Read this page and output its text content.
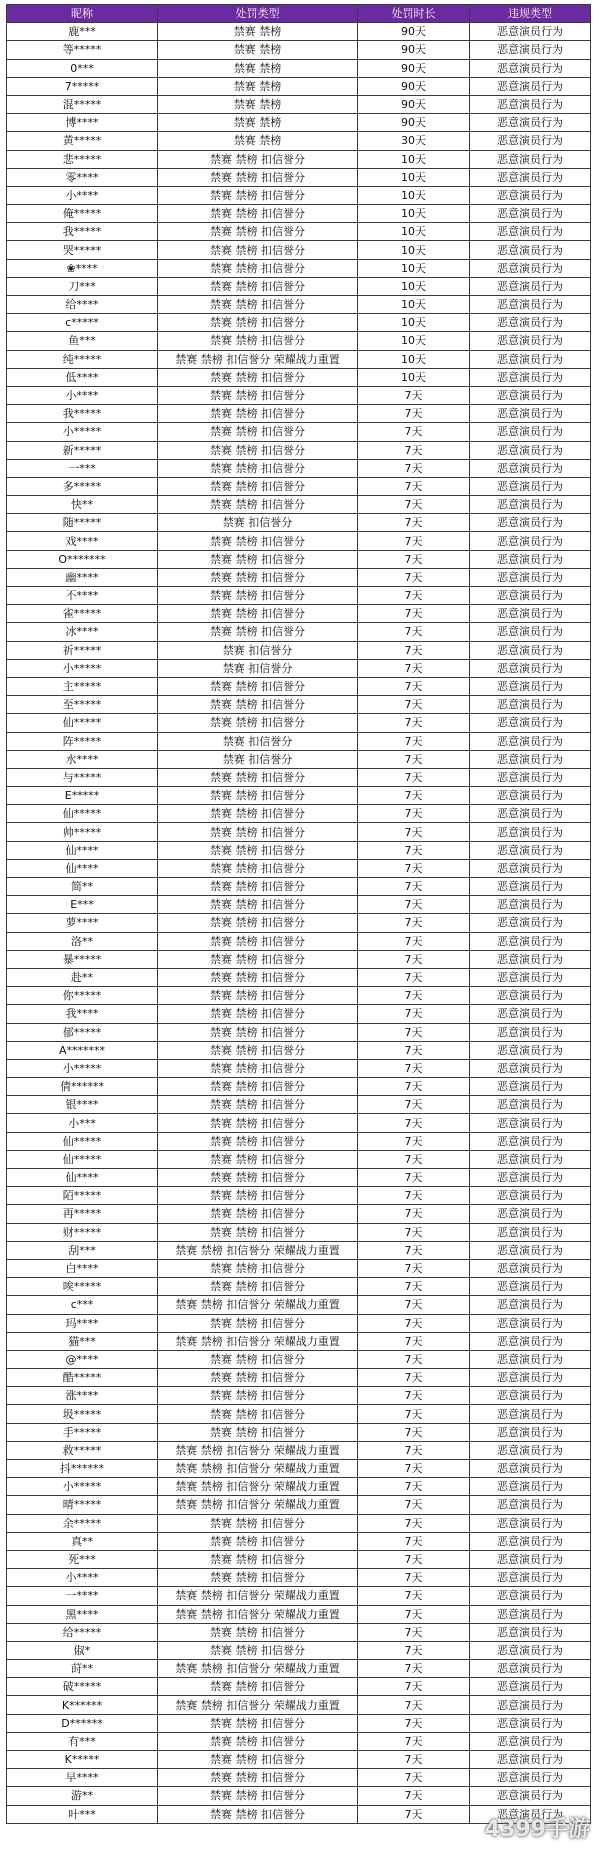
昵称	处罚类型	处罚时长	违规类型
鹿***	禁赛 禁榜	90天	恶意演员行为
等*****	禁赛 禁榜	90天	恶意演员行为
0***	禁赛 禁榜	90天	恶意演员行为
7*****	禁赛 禁榜	90天	恶意演员行为
混*****	禁赛 禁榜	90天	恶意演员行为
博****	禁赛 禁榜	90天	恶意演员行为
黄*****	禁赛 禁榜	30天	恶意演员行为
悲*****	禁赛 禁榜 扣信誉分	10天	恶意演员行为
零****	禁赛 禁榜 扣信誉分	10天	恶意演员行为
小****	禁赛 禁榜 扣信誉分	10天	恶意演员行为
俺*****	禁赛 禁榜 扣信誉分	10天	恶意演员行为
我*****	禁赛 禁榜 扣信誉分	10天	恶意演员行为
哭*****	禁赛 禁榜 扣信誉分	10天	恶意演员行为
❀****	禁赛 禁榜 扣信誉分	10天	恶意演员行为
刀***	禁赛 禁榜 扣信誉分	10天	恶意演员行为
给****	禁赛 禁榜 扣信誉分	10天	恶意演员行为
c*****	禁赛 禁榜 扣信誉分	10天	恶意演员行为
鱼***	禁赛 禁榜 扣信誉分	10天	恶意演员行为
纯*****	禁赛 禁榜 扣信誉分 荣耀战力重置	10天	恶意演员行为
低****	禁赛 禁榜 扣信誉分	10天	恶意演员行为
小****	禁赛 禁榜 扣信誉分	7天	恶意演员行为
我*****	禁赛 禁榜 扣信誉分	7天	恶意演员行为
小*****	禁赛 禁榜 扣信誉分	7天	恶意演员行为
新*****	禁赛 禁榜 扣信誉分	7天	恶意演员行为
一***	禁赛 禁榜 扣信誉分	7天	恶意演员行为
多*****	禁赛 禁榜 扣信誉分	7天	恶意演员行为
快**	禁赛 禁榜 扣信誉分	7天	恶意演员行为
随*****	禁赛 扣信誉分	7天	恶意演员行为
戏****	禁赛 禁榜 扣信誉分	7天	恶意演员行为
O*******	禁赛 禁榜 扣信誉分	7天	恶意演员行为
幽****	禁赛 禁榜 扣信誉分	7天	恶意演员行为
不****	禁赛 禁榜 扣信誉分	7天	恶意演员行为
雀*****	禁赛 禁榜 扣信誉分	7天	恶意演员行为
冰****	禁赛 禁榜 扣信誉分	7天	恶意演员行为
祈*****	禁赛 扣信誉分	7天	恶意演员行为
小*****	禁赛 扣信誉分	7天	恶意演员行为
主*****	禁赛 禁榜 扣信誉分	7天	恶意演员行为
至*****	禁赛 禁榜 扣信誉分	7天	恶意演员行为
仙*****	禁赛 禁榜 扣信誉分	7天	恶意演员行为
阵*****	禁赛 扣信誉分	7天	恶意演员行为
水****	禁赛 扣信誉分	7天	恶意演员行为
与*****	禁赛 禁榜 扣信誉分	7天	恶意演员行为
E*****	禁赛 禁榜 扣信誉分	7天	恶意演员行为
仙*****	禁赛 禁榜 扣信誉分	7天	恶意演员行为
帅*****	禁赛 禁榜 扣信誉分	7天	恶意演员行为
仙****	禁赛 禁榜 扣信誉分	7天	恶意演员行为
仙****	禁赛 禁榜 扣信誉分	7天	恶意演员行为
简**	禁赛 禁榜 扣信誉分	7天	恶意演员行为
E***	禁赛 禁榜 扣信誉分	7天	恶意演员行为
萝****	禁赛 禁榜 扣信誉分	7天	恶意演员行为
洛**	禁赛 禁榜 扣信誉分	7天	恶意演员行为
暴*****	禁赛 禁榜 扣信誉分	7天	恶意演员行为
赴**	禁赛 禁榜 扣信誉分	7天	恶意演员行为
你*****	禁赛 禁榜 扣信誉分	7天	恶意演员行为
我****	禁赛 禁榜 扣信誉分	7天	恶意演员行为
郁*****	禁赛 禁榜 扣信誉分	7天	恶意演员行为
A*******	禁赛 禁榜 扣信誉分	7天	恶意演员行为
小*****	禁赛 禁榜 扣信誉分	7天	恶意演员行为
倩******	禁赛 禁榜 扣信誉分	7天	恶意演员行为
银****	禁赛 禁榜 扣信誉分	7天	恶意演员行为
小***	禁赛 禁榜 扣信誉分	7天	恶意演员行为
仙*****	禁赛 禁榜 扣信誉分	7天	恶意演员行为
仙*****	禁赛 禁榜 扣信誉分	7天	恶意演员行为
仙****	禁赛 禁榜 扣信誉分	7天	恶意演员行为
陌*****	禁赛 禁榜 扣信誉分	7天	恶意演员行为
再*****	禁赛 禁榜 扣信誉分	7天	恶意演员行为
财*****	禁赛 禁榜 扣信誉分	7天	恶意演员行为
刮***	禁赛 禁榜 扣信誉分 荣耀战力重置	7天	恶意演员行为
白****	禁赛 禁榜 扣信誉分	7天	恶意演员行为
唉*****	禁赛 禁榜 扣信誉分	7天	恶意演员行为
c***	禁赛 禁榜 扣信誉分 荣耀战力重置	7天	恶意演员行为
玛****	禁赛 禁榜 扣信誉分	7天	恶意演员行为
猫***	禁赛 禁榜 扣信誉分 荣耀战力重置	7天	恶意演员行为
@****	禁赛 禁榜 扣信誉分	7天	恶意演员行为
酷*****	禁赛 禁榜 扣信誉分	7天	恶意演员行为
涨****	禁赛 禁榜 扣信誉分	7天	恶意演员行为
圾*****	禁赛 禁榜 扣信誉分	7天	恶意演员行为
手*****	禁赛 禁榜 扣信誉分	7天	恶意演员行为
救*****	禁赛 禁榜 扣信誉分 荣耀战力重置	7天	恶意演员行为
抖******	禁赛 禁榜 扣信誉分 荣耀战力重置	7天	恶意演员行为
小*****	禁赛 禁榜 扣信誉分 荣耀战力重置	7天	恶意演员行为
晴*****	禁赛 禁榜 扣信誉分 荣耀战力重置	7天	恶意演员行为
余*****	禁赛 禁榜 扣信誉分	7天	恶意演员行为
真**	禁赛 禁榜 扣信誉分	7天	恶意演员行为
死***	禁赛 禁榜 扣信誉分	7天	恶意演员行为
小****	禁赛 禁榜 扣信誉分	7天	恶意演员行为
一****	禁赛 禁榜 扣信誉分 荣耀战力重置	7天	恶意演员行为
黑****	禁赛 禁榜 扣信誉分 荣耀战力重置	7天	恶意演员行为
给*****	禁赛 禁榜 扣信誉分	7天	恶意演员行为
俶*	禁赛 禁榜 扣信誉分	7天	恶意演员行为
莳**	禁赛 禁榜 扣信誉分 荣耀战力重置	7天	恶意演员行为
破*****	禁赛 禁榜 扣信誉分	7天	恶意演员行为
K******	禁赛 禁榜 扣信誉分 荣耀战力重置	7天	恶意演员行为
D******	禁赛 禁榜 扣信誉分	7天	恶意演员行为
有***	禁赛 禁榜 扣信誉分	7天	恶意演员行为
K*****	禁赛 禁榜 扣信誉分	7天	恶意演员行为
早****	禁赛 禁榜 扣信誉分	7天	恶意演员行为
游**	禁赛 禁榜 扣信誉分	7天	恶意演员行为
叶***	禁赛 禁榜 扣信誉分	7天	恶意演员行为
4399手游
